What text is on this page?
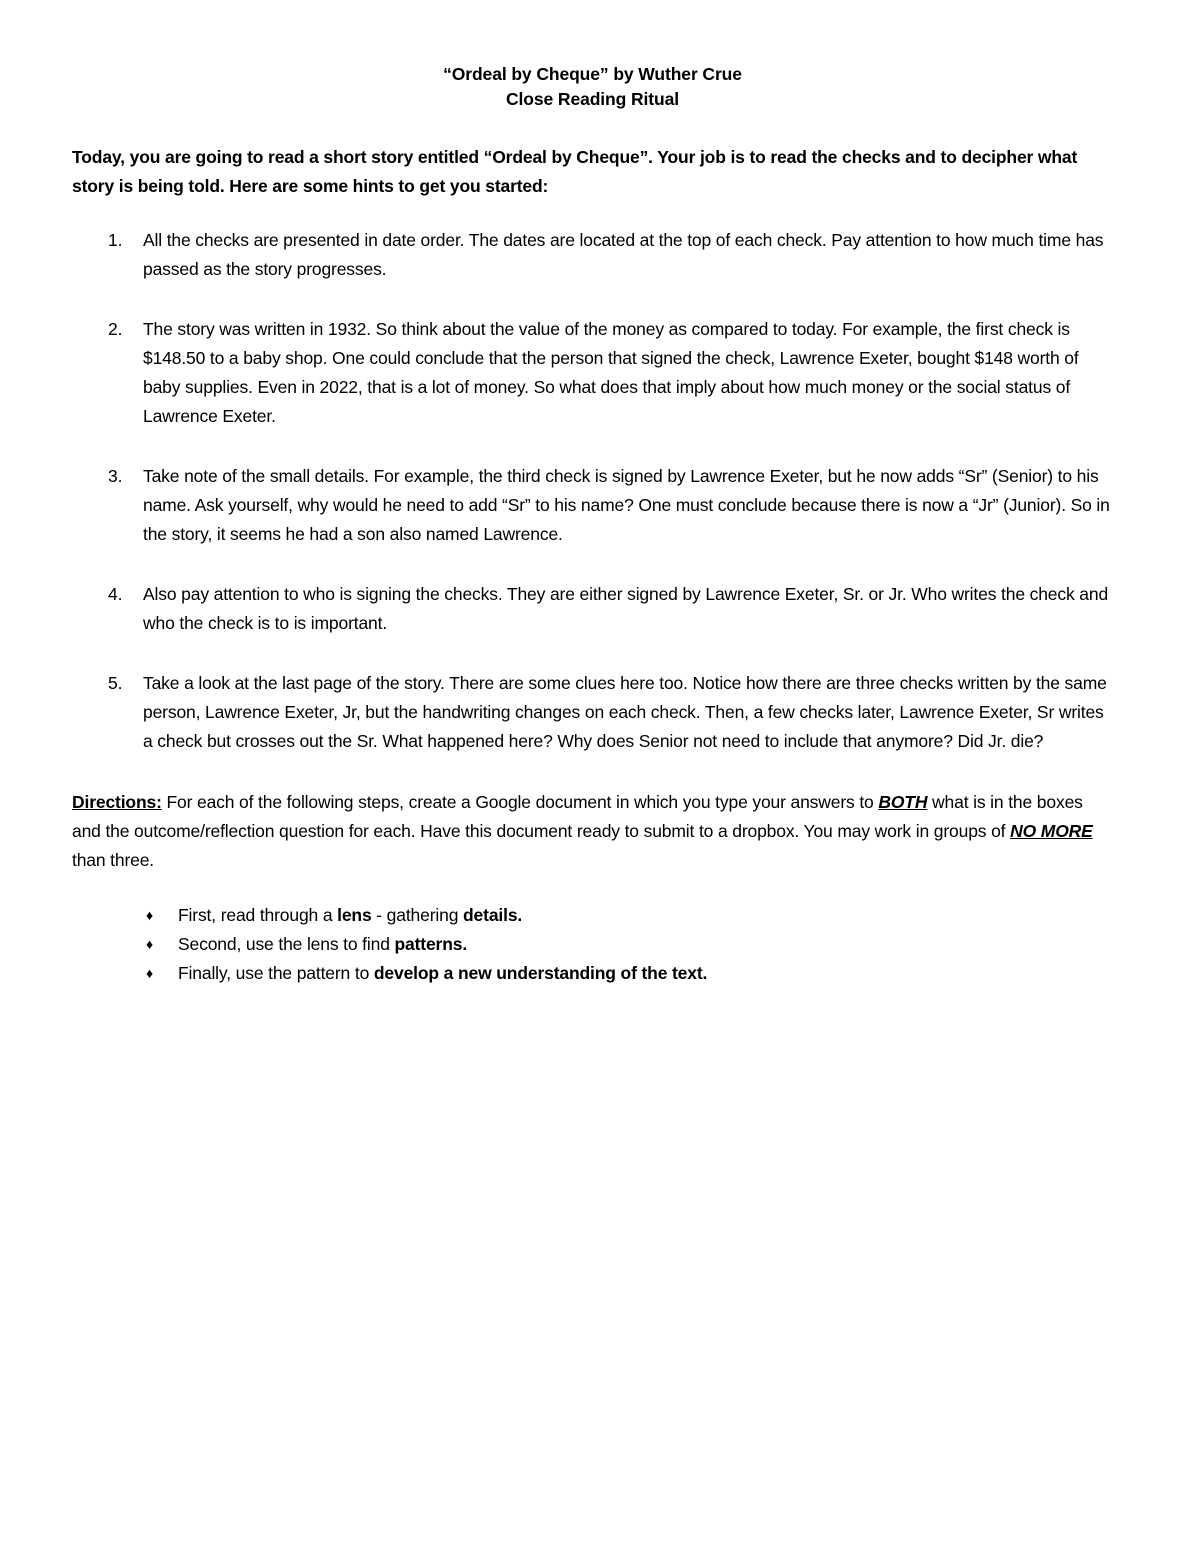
“Ordeal by Cheque” by Wuther Crue
Close Reading Ritual

Today, you are going to read a short story entitled “Ordeal by Cheque”. Your job is to read the checks and to decipher what story is being told. Here are some hints to get you started:

All the checks are presented in date order. The dates are located at the top of each check. Pay attention to how much time has passed as the story progresses.
The story was written in 1932. So think about the value of the money as compared to today. For example, the first check is $148.50 to a baby shop. One could conclude that the person that signed the check, Lawrence Exeter, bought $148 worth of baby supplies. Even in 2022, that is a lot of money. So what does that imply about how much money or the social status of Lawrence Exeter.
Take note of the small details. For example, the third check is signed by Lawrence Exeter, but he now adds “Sr” (Senior) to his name. Ask yourself, why would he need to add “Sr” to his name? One must conclude because there is now a “Jr” (Junior). So in the story, it seems he had a son also named Lawrence.
Also pay attention to who is signing the checks. They are either signed by Lawrence Exeter, Sr. or Jr. Who writes the check and who the check is to is important.
Take a look at the last page of the story. There are some clues here too. Notice how there are three checks written by the same person, Lawrence Exeter, Jr, but the handwriting changes on each check. Then, a few checks later, Lawrence Exeter, Sr writes a check but crosses out the Sr. What happened here? Why does Senior not need to include that anymore? Did Jr. die?

Directions: For each of the following steps, create a Google document in which you type your answers to BOTH what is in the boxes and the outcome/reflection question for each. Have this document ready to submit to a dropbox. You may work in groups of NO MORE than three.

♦ First, read through a lens - gathering details.
♦ Second, use the lens to find patterns.
♦ Finally, use the pattern to develop a new understanding of the text.
